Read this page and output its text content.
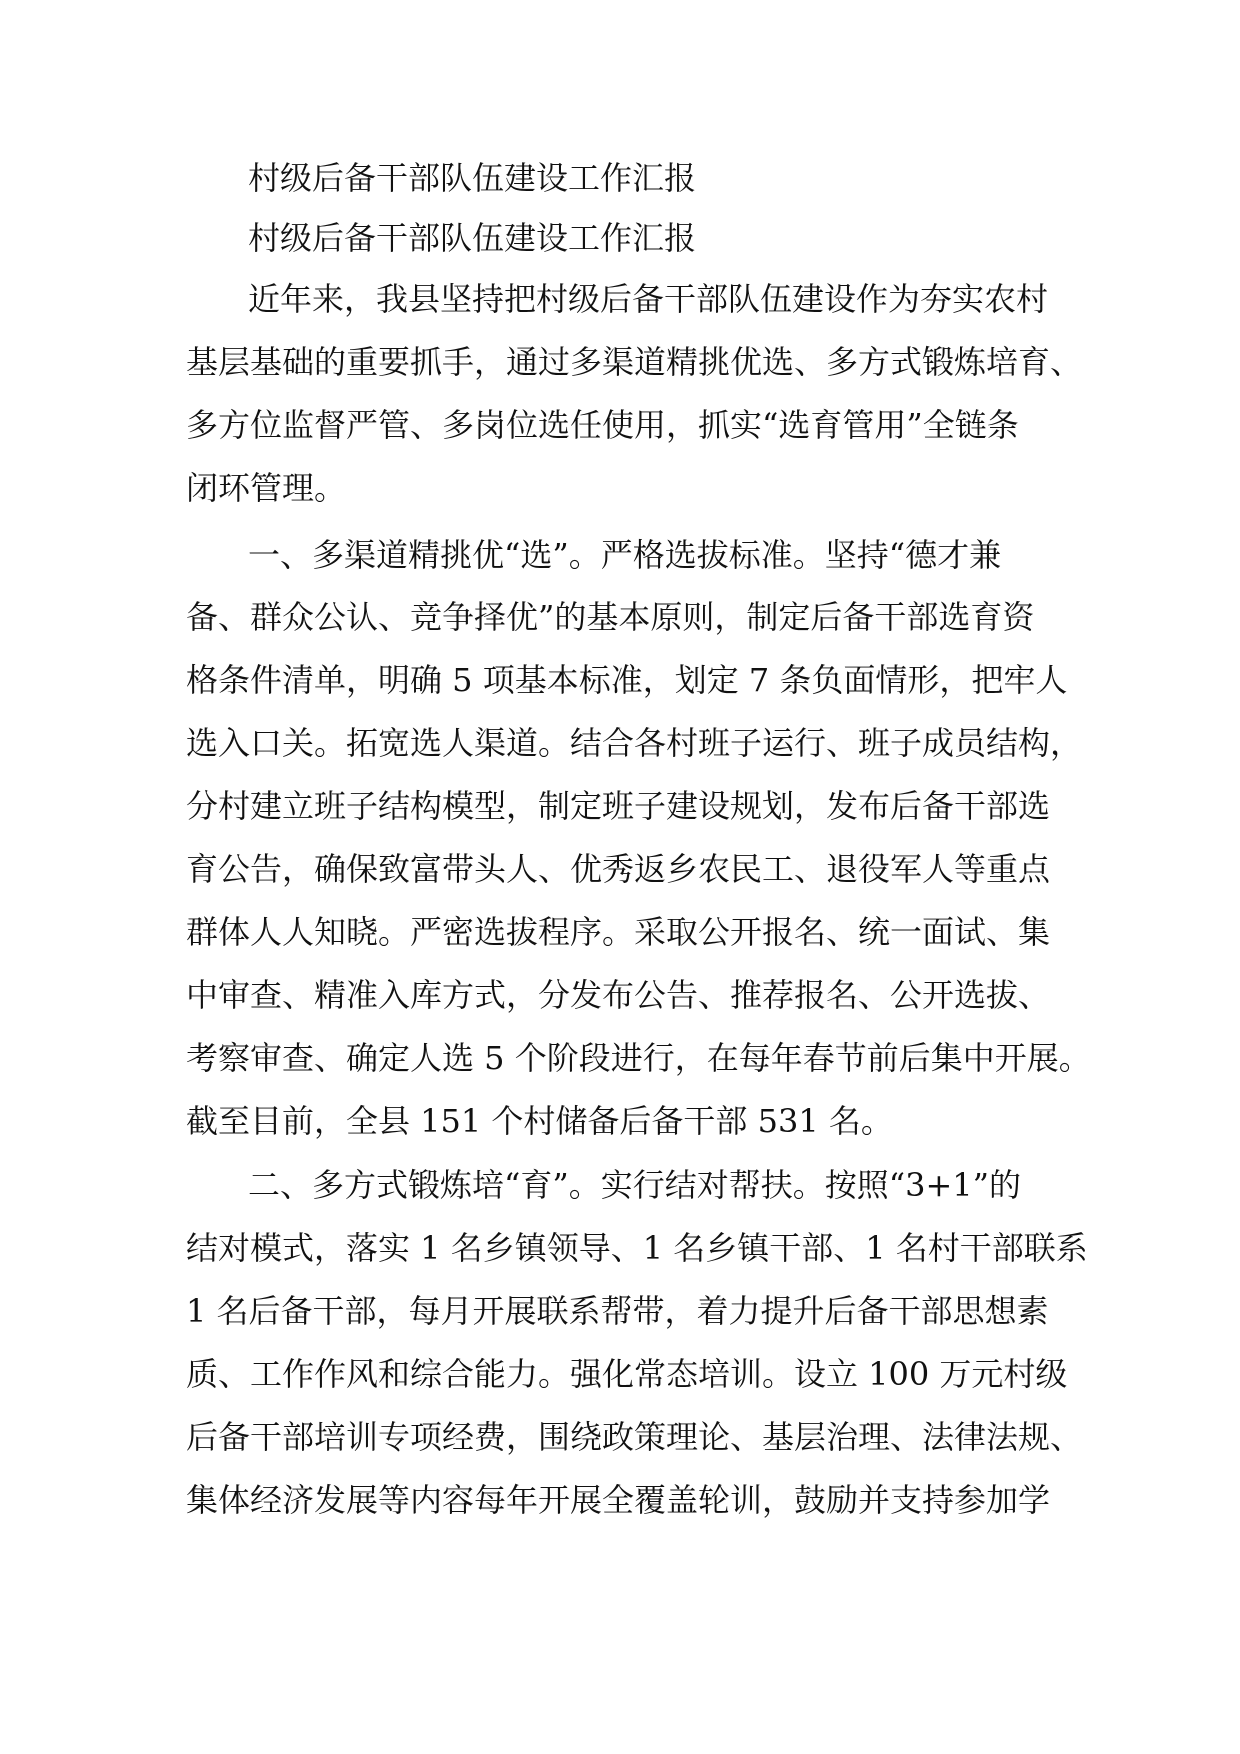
村级后备干部队伍建设工作汇报
村级后备干部队伍建设工作汇报
近年来，我县坚持把村级后备干部队伍建设作为夯实农村
基层基础的重要抓手，通过多渠道精挑优选、多方式锻炼培育、
多方位监督严管、多岗位选任使用，抓实“选育管用”全链条
闭环管理。
一、多渠道精挑优“选”。严格选拔标准。坚持“德才兼
备、群众公认、竞争择优”的基本原则，制定后备干部选育资
格条件清单，明确 5 项基本标准，划定 7 条负面情形，把牢人
选入口关。拓宽选人渠道。结合各村班子运行、班子成员结构，
分村建立班子结构模型，制定班子建设规划，发布后备干部选
育公告，确保致富带头人、优秀返乡农民工、退役军人等重点
群体人人知晓。严密选拔程序。采取公开报名、统一面试、集
中审查、精准入库方式，分发布公告、推荐报名、公开选拔、
考察审查、确定人选 5 个阶段进行，在每年春节前后集中开展。
截至目前，全县 151 个村储备后备干部 531 名。
二、多方式锻炼培“育”。实行结对帮扶。按照“3+1”的
结对模式，落实 1 名乡镇领导、1 名乡镇干部、1 名村干部联系
1 名后备干部，每月开展联系帮带，着力提升后备干部思想素
质、工作作风和综合能力。强化常态培训。设立 100 万元村级
后备干部培训专项经费，围绕政策理论、基层治理、法律法规、
集体经济发展等内容每年开展全覆盖轮训，鼓励并支持参加学
